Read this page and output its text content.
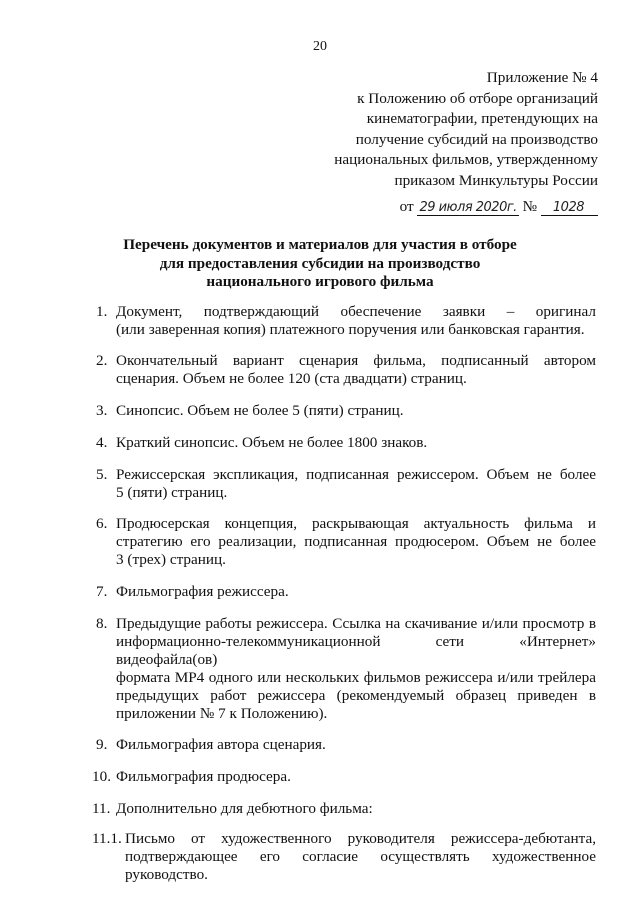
20
Приложение № 4
к Положению об отборе организаций
кинематографии, претендующих на
получение субсидий на производство
национальных фильмов, утвержденному
приказом Минкультуры России
от 29 июля 2020г. № 1028
Перечень документов и материалов для участия в отборе
для предоставления субсидии на производство
национального игрового фильма
1. Документ, подтверждающий обеспечение заявки – оригинал
(или заверенная копия) платежного поручения или банковская гарантия.
2. Окончательный вариант сценария фильма, подписанный автором
сценария. Объем не более 120 (ста двадцати) страниц.
3. Синопсис. Объем не более 5 (пяти) страниц.
4. Краткий синопсис. Объем не более 1800 знаков.
5. Режиссерская экспликация, подписанная режиссером. Объем не более
5 (пяти) страниц.
6. Продюсерская концепция, раскрывающая актуальность фильма и
стратегию его реализации, подписанная продюсером. Объем не более
3 (трех) страниц.
7. Фильмография режиссера.
8. Предыдущие работы режиссера. Ссылка на скачивание и/или просмотр в
информационно-телекоммуникационной сети «Интернет» видеофайла(ов)
формата MP4 одного или нескольких фильмов режиссера и/или трейлера
предыдущих работ режиссера (рекомендуемый образец приведен в
приложении № 7 к Положению).
9. Фильмография автора сценария.
10. Фильмография продюсера.
11. Дополнительно для дебютного фильма:
11.1. Письмо от художественного руководителя режиссера-дебютанта,
подтверждающее его согласие осуществлять художественное
руководство.
